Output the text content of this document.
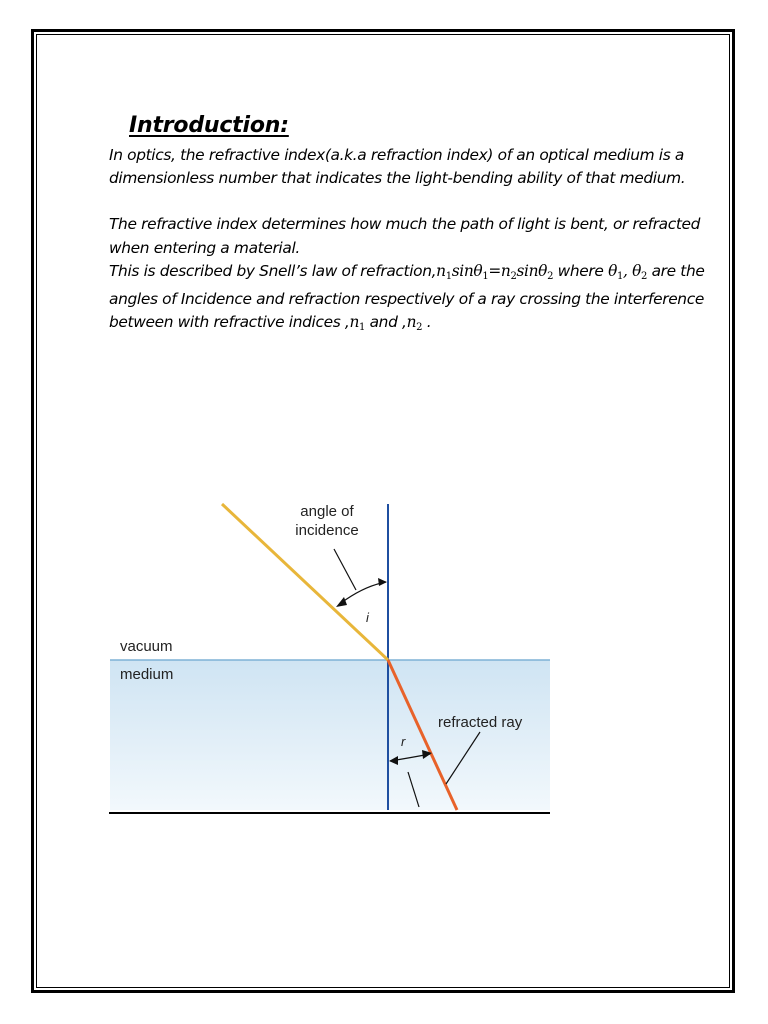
Introduction:

In optics, the refractive index(a.k.a refraction index) of an optical medium is a dimensionless number that indicates the light-bending ability of that medium.

The refractive index determines how much the path of light is bent, or refracted when entering a material.

This is described by Snell’s law of $refraction,n_1\sin\theta_1=n_2\sin\theta_2$ where $\theta_1$, $\theta_2$ are the angles of Incidence and refraction respectively of a ray crossing the interference between with refractive indices $,n_1$ and $,n_2$ .

angle of
incidence
i
vacuum
medium
refracted ray
r
